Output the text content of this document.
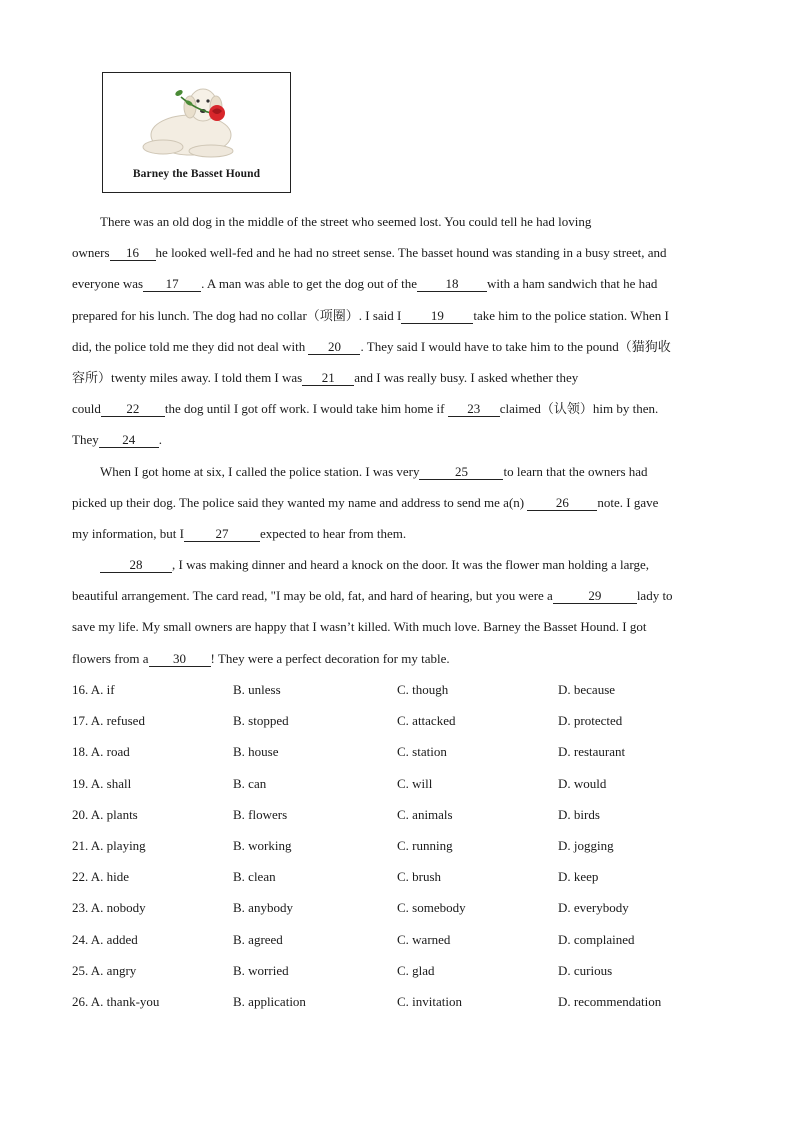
Barney the Basset Hound
There was an old dog in the middle of the street who seemed lost. You could tell he had loving
owners 16 he looked well-fed and he had no street sense. The basset hound was standing in a busy street, and
everyone was 17 . A man was able to get the dog out of the 18 with a ham sandwich that he had
prepared for his lunch. The dog had no collar（项圈）. I said I 19 take him to the police station. When I
did, the police told me they did not deal with 20 . They said I would have to take him to the pound（猫狗收
容所）twenty miles away. I told them I was 21 and I was really busy. I asked whether they
could 22 the dog until I got off work. I would take him home if 23 claimed（认领）him by then.
They 24 .
When I got home at six, I called the police station. I was very	25	to learn that the owners had
picked up their dog. The police said they wanted my name and address to send me a(n) 26 note. I gave
my information, but I 27 expected to hear from them.
28 , I was making dinner and heard a knock on the door. It was the flower man holding a large,
beautiful arrangement. The card read, "I may be old, fat, and hard of hearing, but you were a	29	lady to
save my life. My small owners are happy that I wasn’t killed. With much love. Barney the Basset Hound. I got
flowers from a 30 ! They were a perfect decoration for my table.
16. A. if	B. unless	C. though	D. because
17. A. refused	B. stopped	C. attacked	D. protected
18. A. road	B. house	C. station	D. restaurant
19. A. shall	B. can	C. will	D. would
20. A. plants	B. flowers	C. animals	D. birds
21. A. playing	B. working	C. running	D. jogging
22. A. hide	B. clean	C. brush	D. keep
23. A. nobody	B. anybody	C. somebody	D. everybody
24. A. added	B. agreed	C. warned	D. complained
25. A. angry	B. worried	C. glad	D. curious
26. A. thank-you	B. application	C. invitation	D. recommendation
